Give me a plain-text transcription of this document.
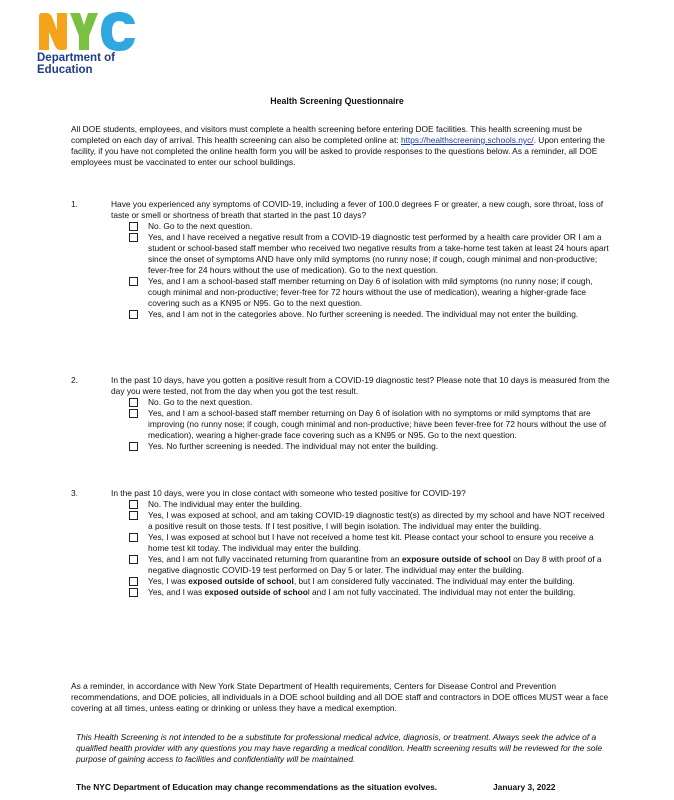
Department of
Education
Health Screening Questionnaire
All DOE students, employees, and visitors must complete a health screening before entering DOE facilities. This health screening must be completed on each day of arrival. This health screening can also be completed online at: https://healthscreening.schools.nyc/. Upon entering the facility, if you have not completed the online health form you will be asked to provide responses to the questions below. As a reminder, all DOE employees must be vaccinated to enter our school buildings.
1.	Have you experienced any symptoms of COVID-19, including a fever of 100.0 degrees F or greater, a new cough, sore throat, loss of taste or smell or shortness of breath that started in the past 10 days?
No. Go to the next question.
Yes, and I have received a negative result from a COVID-19 diagnostic test performed by a health care provider OR I am a student or school-based staff member who received two negative results from a take-home test taken at least 24 hours apart since the onset of symptoms AND have only mild symptoms (no runny nose; if cough, cough minimal and non-productive; fever-free for 24 hours without the use of medication). Go to the next question.
Yes, and I am a school-based staff member returning on Day 6 of isolation with mild symptoms (no runny nose; if cough, cough minimal and non-productive; fever-free for 72 hours without the use of medication), wearing a higher-grade face covering such as a KN95 or N95. Go to the next question.
Yes, and I am not in the categories above. No further screening is needed. The individual may not enter the building.
2.	In the past 10 days, have you gotten a positive result from a COVID-19 diagnostic test? Please note that 10 days is measured from the day you were tested, not from the day when you got the test result.
No. Go to the next question.
Yes, and I am a school-based staff member returning on Day 6 of isolation with no symptoms or mild symptoms that are improving (no runny nose; if cough, cough minimal and non-productive; have been fever-free for 72 hours without the use of medication), wearing a higher-grade face covering such as a KN95 or N95. Go to the next question.
Yes. No further screening is needed. The individual may not enter the building.
3.	In the past 10 days, were you in close contact with someone who tested positive for COVID-19?
No. The individual may enter the building.
Yes, I was exposed at school, and am taking COVID-19 diagnostic test(s) as directed by my school and have NOT received a positive result on those tests. If I test positive, I will begin isolation. The individual may enter the building.
Yes, I was exposed at school but I have not received a home test kit. Please contact your school to ensure you receive a home test kit today. The individual may enter the building.
Yes, and I am not fully vaccinated returning from quarantine from an exposure outside of school on Day 8 with proof of a negative diagnostic COVID-19 test performed on Day 5 or later. The individual may enter the building.
Yes, I was exposed outside of school, but I am considered fully vaccinated. The individual may enter the building.
Yes, and I was exposed outside of school and I am not fully vaccinated. The individual may not enter the building.
As a reminder, in accordance with New York State Department of Health requirements, Centers for Disease Control and Prevention recommendations, and DOE policies, all individuals in a DOE school building and all DOE staff and contractors in DOE offices MUST wear a face covering at all times, unless eating or drinking or unless they have a medical exemption.
This Health Screening is not intended to be a substitute for professional medical advice, diagnosis, or treatment. Always seek the advice of a qualified health provider with any questions you may have regarding a medical condition. Health screening results will be reviewed for the sole purpose of gaining access to facilities and confidentiality will be maintained.
The NYC Department of Education may change recommendations as the situation evolves.	January 3, 2022
